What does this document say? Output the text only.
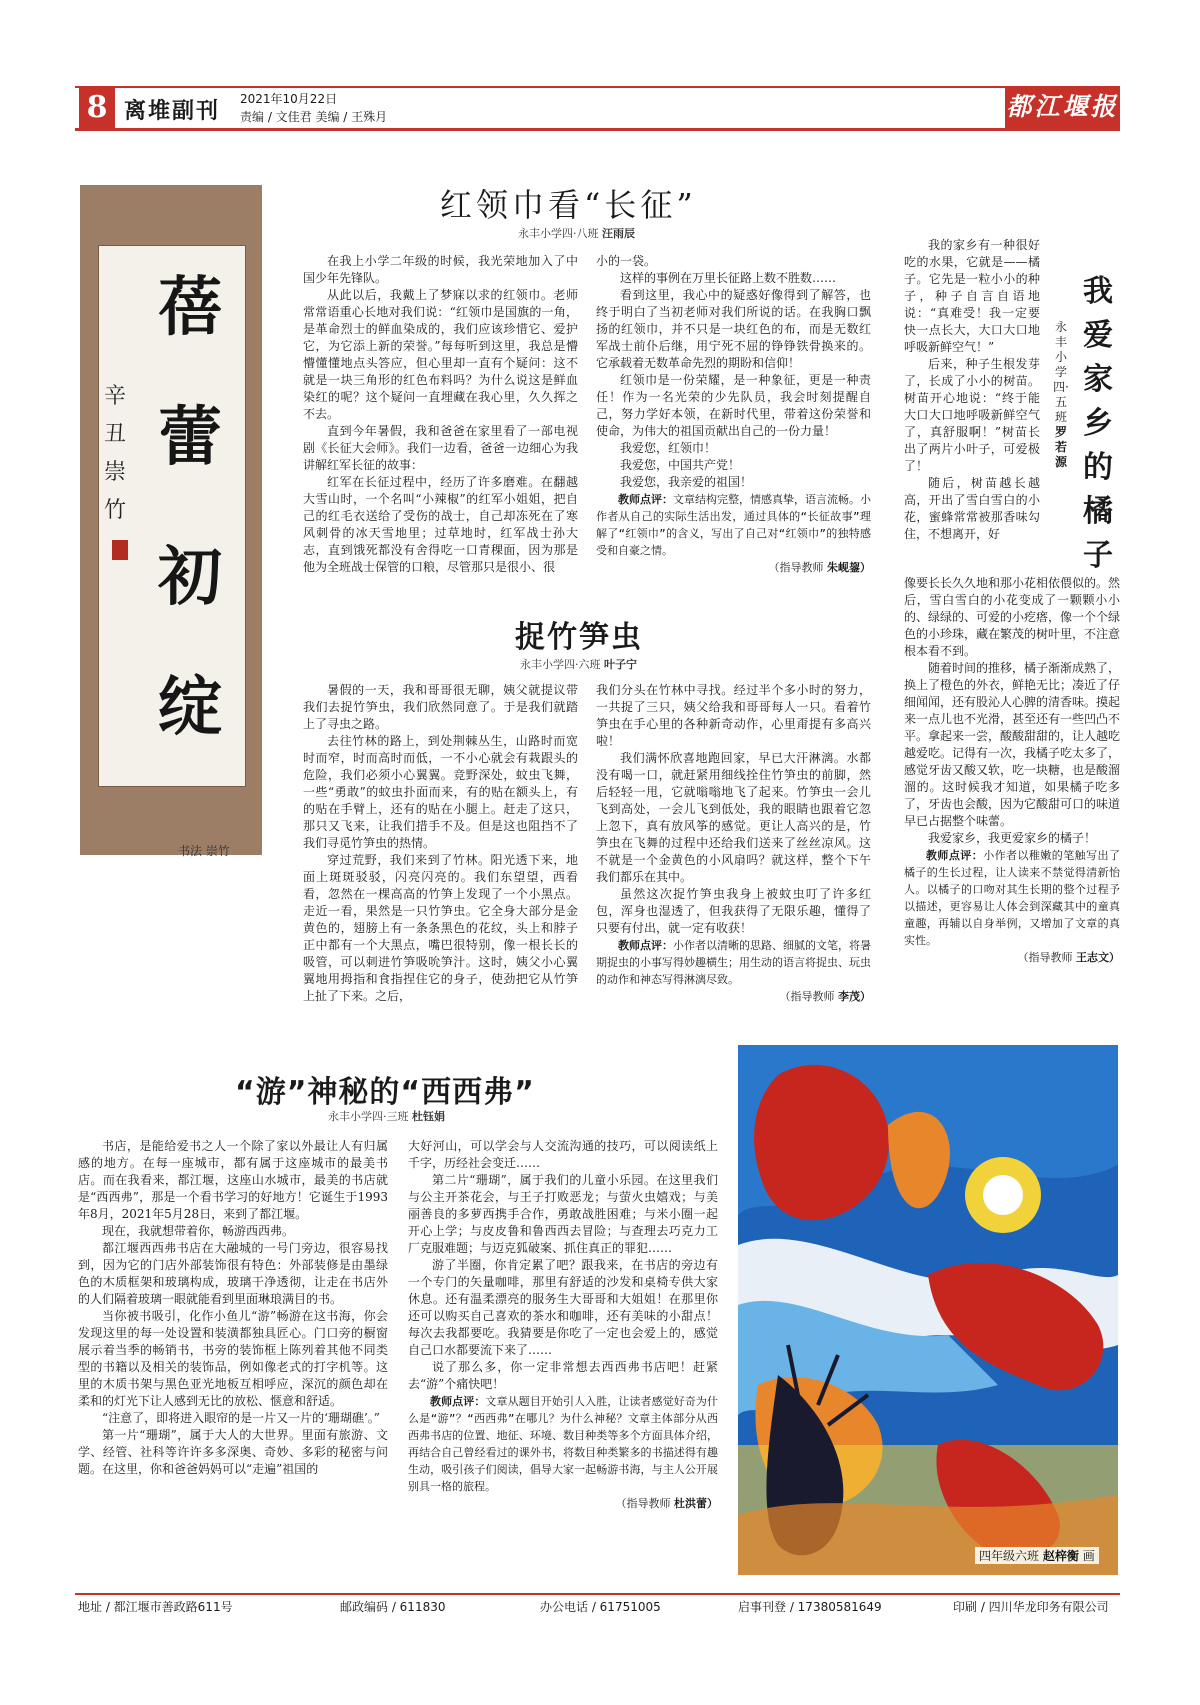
8 离堆副刊 2021年10月22日
责编 / 文佳君 美编 / 王殊月	都江堰报
蓓
蕾
初
绽
辛
丑
崇
竹
书法 崇竹
红领巾看“长征”
永丰小学四·八班 汪雨辰

在我上小学二年级的时候，我光荣地加入了中国少年先锋队。

从此以后，我戴上了梦寐以求的红领巾。老师常常语重心长地对我们说：“红领巾是国旗的一角，是革命烈士的鲜血染成的，我们应该珍惜它、爱护它，为它添上新的荣誉。”每每听到这里，我总是懵懵懂懂地点头答应，但心里却一直有个疑问：这不就是一块三角形的红色布料吗？为什么说这是鲜血染红的呢？这个疑问一直埋藏在我心里，久久挥之不去。

直到今年暑假，我和爸爸在家里看了一部电视剧《长征大会师》。我们一边看，爸爸一边细心为我讲解红军长征的故事：

红军在长征过程中，经历了许多磨难。在翻越大雪山时，一个名叫“小辣椒”的红军小姐姐，把自己的红毛衣送给了受伤的战士，自己却冻死在了寒风刺骨的冰天雪地里；过草地时，红军战士孙大志，直到饿死都没有舍得吃一口青稞面，因为那是他为全班战士保管的口粮，尽管那只是很小、很

小的一袋。

这样的事例在万里长征路上数不胜数……

看到这里，我心中的疑惑好像得到了解答，也终于明白了当初老师对我们所说的话。在我胸口飘扬的红领巾，并不只是一块红色的布，而是无数红军战士前仆后继，用宁死不屈的铮铮铁骨换来的。它承载着无数革命先烈的期盼和信仰！

红领巾是一份荣耀，是一种象征，更是一种责任！作为一名光荣的少先队员，我会时刻提醒自己，努力学好本领，在新时代里，带着这份荣誉和使命，为伟大的祖国贡献出自己的一份力量！

我爱您，红领巾！

我爱您，中国共产党！

我爱您，我亲爱的祖国！

教师点评：文章结构完整，情感真挚，语言流畅。小作者从自己的实际生活出发，通过具体的“长征故事”理解了“红领巾”的含义，写出了自己对“红领巾”的独特感受和自豪之情。

（指导教师 朱岘鋆）
捉竹笋虫
永丰小学四·六班 叶子宁

暑假的一天，我和哥哥很无聊，姨父就提议带我们去捉竹笋虫，我们欣然同意了。于是我们就踏上了寻虫之路。

去往竹林的路上，到处荆棘丛生，山路时而宽时而窄，时而高时而低，一不小心就会有栽跟头的危险，我们必须小心翼翼。竞野深处，蚊虫飞舞，一些“勇敢”的蚊虫扑面而来，有的贴在额头上，有的贴在手臂上，还有的贴在小腿上。赶走了这只，那只又飞来，让我们措手不及。但是这也阻挡不了我们寻觅竹笋虫的热情。

穿过荒野，我们来到了竹林。阳光透下来，地面上斑斑驳驳，闪亮闪亮的。我们东望望，西看看，忽然在一棵高高的竹笋上发现了一个小黑点。走近一看，果然是一只竹笋虫。它全身大部分是金黄色的，翅膀上有一条条黑色的花纹，头上和脖子正中都有一个大黑点，嘴巴很特别，像一根长长的吸管，可以刺进竹笋吸吮笋汁。这时，姨父小心翼翼地用拇指和食指捏住它的身子，使劲把它从竹笋上扯了下来。之后，

我们分头在竹林中寻找。经过半个多小时的努力，一共捉了三只，姨父给我和哥哥每人一只。看着竹笋虫在手心里的各种新奇动作，心里甭提有多高兴啦！

我们满怀欣喜地跑回家，早已大汗淋漓。水都没有喝一口，就赶紧用细线拴住竹笋虫的前脚，然后轻轻一甩，它就嗡嗡地飞了起来。竹笋虫一会儿飞到高处，一会儿飞到低处，我的眼睛也跟着它忽上忽下，真有放风筝的感觉。更让人高兴的是，竹笋虫在飞舞的过程中还给我们送来了丝丝凉风。这不就是一个金黄色的小风扇吗？就这样，整个下午我们都乐在其中。

虽然这次捉竹笋虫我身上被蚊虫叮了许多红包，浑身也湿透了，但我获得了无限乐趣，懂得了只要有付出，就一定有收获！

教师点评：小作者以清晰的思路、细腻的文笔，将暑期捉虫的小事写得妙趣横生；用生动的语言将捉虫、玩虫的动作和神态写得淋漓尽致。

（指导教师 李茂）
我爱家乡的橘子
永丰小学四·五班 罗若源

我的家乡有一种很好吃的水果，它就是——橘子。它先是一粒小小的种子，种子自言自语地说：“真难受！我一定要快一点长大，大口大口地呼吸新鲜空气！”

后来，种子生根发芽了，长成了小小的树苗。树苗开心地说：“终于能大口大口地呼吸新鲜空气了，真舒服啊！”树苗长出了两片小叶子，可爱极了！

随后，树苗越长越高，开出了雪白雪白的小花，蜜蜂常常被那香味勾住，不想离开，好

像要长长久久地和那小花相依偎似的。然后，雪白雪白的小花变成了一颗颗小小的、绿绿的、可爱的小疙瘩，像一个个绿色的小珍珠，藏在繁茂的树叶里，不注意根本看不到。

随着时间的推移，橘子渐渐成熟了，换上了橙色的外衣，鲜艳无比；凑近了仔细闻闻，还有股沁人心脾的清香味。摸起来一点儿也不光滑，甚至还有一些凹凸不平。拿起来一尝，酸酸甜甜的，让人越吃越爱吃。记得有一次，我橘子吃太多了，感觉牙齿又酸又软，吃一块糖，也是酸溜溜的。这时候我才知道，如果橘子吃多了，牙齿也会酸，因为它酸甜可口的味道早已占据整个味蕾。

我爱家乡，我更爱家乡的橘子！

教师点评：小作者以稚嫩的笔触写出了橘子的生长过程，让人读来不禁觉得清新怡人。以橘子的口吻对其生长期的整个过程予以描述，更容易让人体会到深藏其中的童真童趣，再辅以自身举例，又增加了文章的真实性。

（指导教师 王志文）
“游”神秘的“西西弗”
永丰小学四·三班 杜钰娟

书店，是能给爱书之人一个除了家以外最让人有归属感的地方。在每一座城市，都有属于这座城市的最美书店。而在我看来，都江堰，这座山水城市，最美的书店就是“西西弗”，那是一个看书学习的好地方！它诞生于1993年8月，2021年5月28日，来到了都江堰。

现在，我就想带着你，畅游西西弗。

都江堰西西弗书店在大融城的一号门旁边，很容易找到，因为它的门店外部装饰很有特色：外部装修是由墨绿色的木质框架和玻璃构成，玻璃干净透彻，让走在书店外的人们隔着玻璃一眼就能看到里面琳琅满目的书。

当你被书吸引，化作小鱼儿“游”畅游在这书海，你会发现这里的每一处设置和装潢都独具匠心。门口旁的橱窗展示着当季的畅销书，书旁的装饰框上陈列着其他不同类型的书籍以及相关的装饰品，例如像老式的打字机等。这里的木质书架与黑色亚光地板互相呼应，深沉的颜色却在柔和的灯光下让人感到无比的放松、惬意和舒适。

“注意了，即将进入眼帘的是一片又一片的‘珊瑚礁’。”

第一片“珊瑚”，属于大人的大世界。里面有旅游、文学、经管、社科等许许多多深奥、奇妙、多彩的秘密与问题。在这里，你和爸爸妈妈可以“走遍”祖国的

大好河山，可以学会与人交流沟通的技巧，可以阅读纸上千字，历经社会变迁……

第二片“珊瑚”，属于我们的儿童小乐园。在这里我们与公主开茶花会，与王子打败恶龙；与萤火虫嬉戏；与美丽善良的多萝西携手合作，勇敢战胜困难；与米小圈一起开心上学；与皮皮鲁和鲁西西去冒险；与查理去巧克力工厂克服难题；与迈克狐破案、抓住真正的罪犯……

游了半圈，你肯定累了吧？跟我来，在书店的旁边有一个专门的矢量咖啡，那里有舒适的沙发和桌椅专供大家休息。还有温柔漂亮的服务生大哥哥和大姐姐！在那里你还可以购买自己喜欢的茶水和咖啡，还有美味的小甜点！每次去我都要吃。我猜要是你吃了一定也会爱上的，感觉自己口水都要流下来了……

说了那么多，你一定非常想去西西弗书店吧！赶紧去“游”个痛快吧！

教师点评：文章从题目开始引人入胜，让读者感觉好奇为什么是“游”？“西西弗”在哪儿？为什么神秘？文章主体部分从西西弗书店的位置、地征、环境、数目种类等多个方面具体介绍，再结合自己曾经看过的课外书，将数目种类繁多的书描述得有趣生动，吸引孩子们阅读，倡导大家一起畅游书海，与主人公开展别具一格的旅程。

（指导教师 杜洪蕾）
四年级六班 赵梓衡 画
地址 / 都江堰市善政路611号	邮政编码 / 611830	办公电话 / 61751005	启事刊登 / 17380581649	印刷 / 四川华龙印务有限公司
